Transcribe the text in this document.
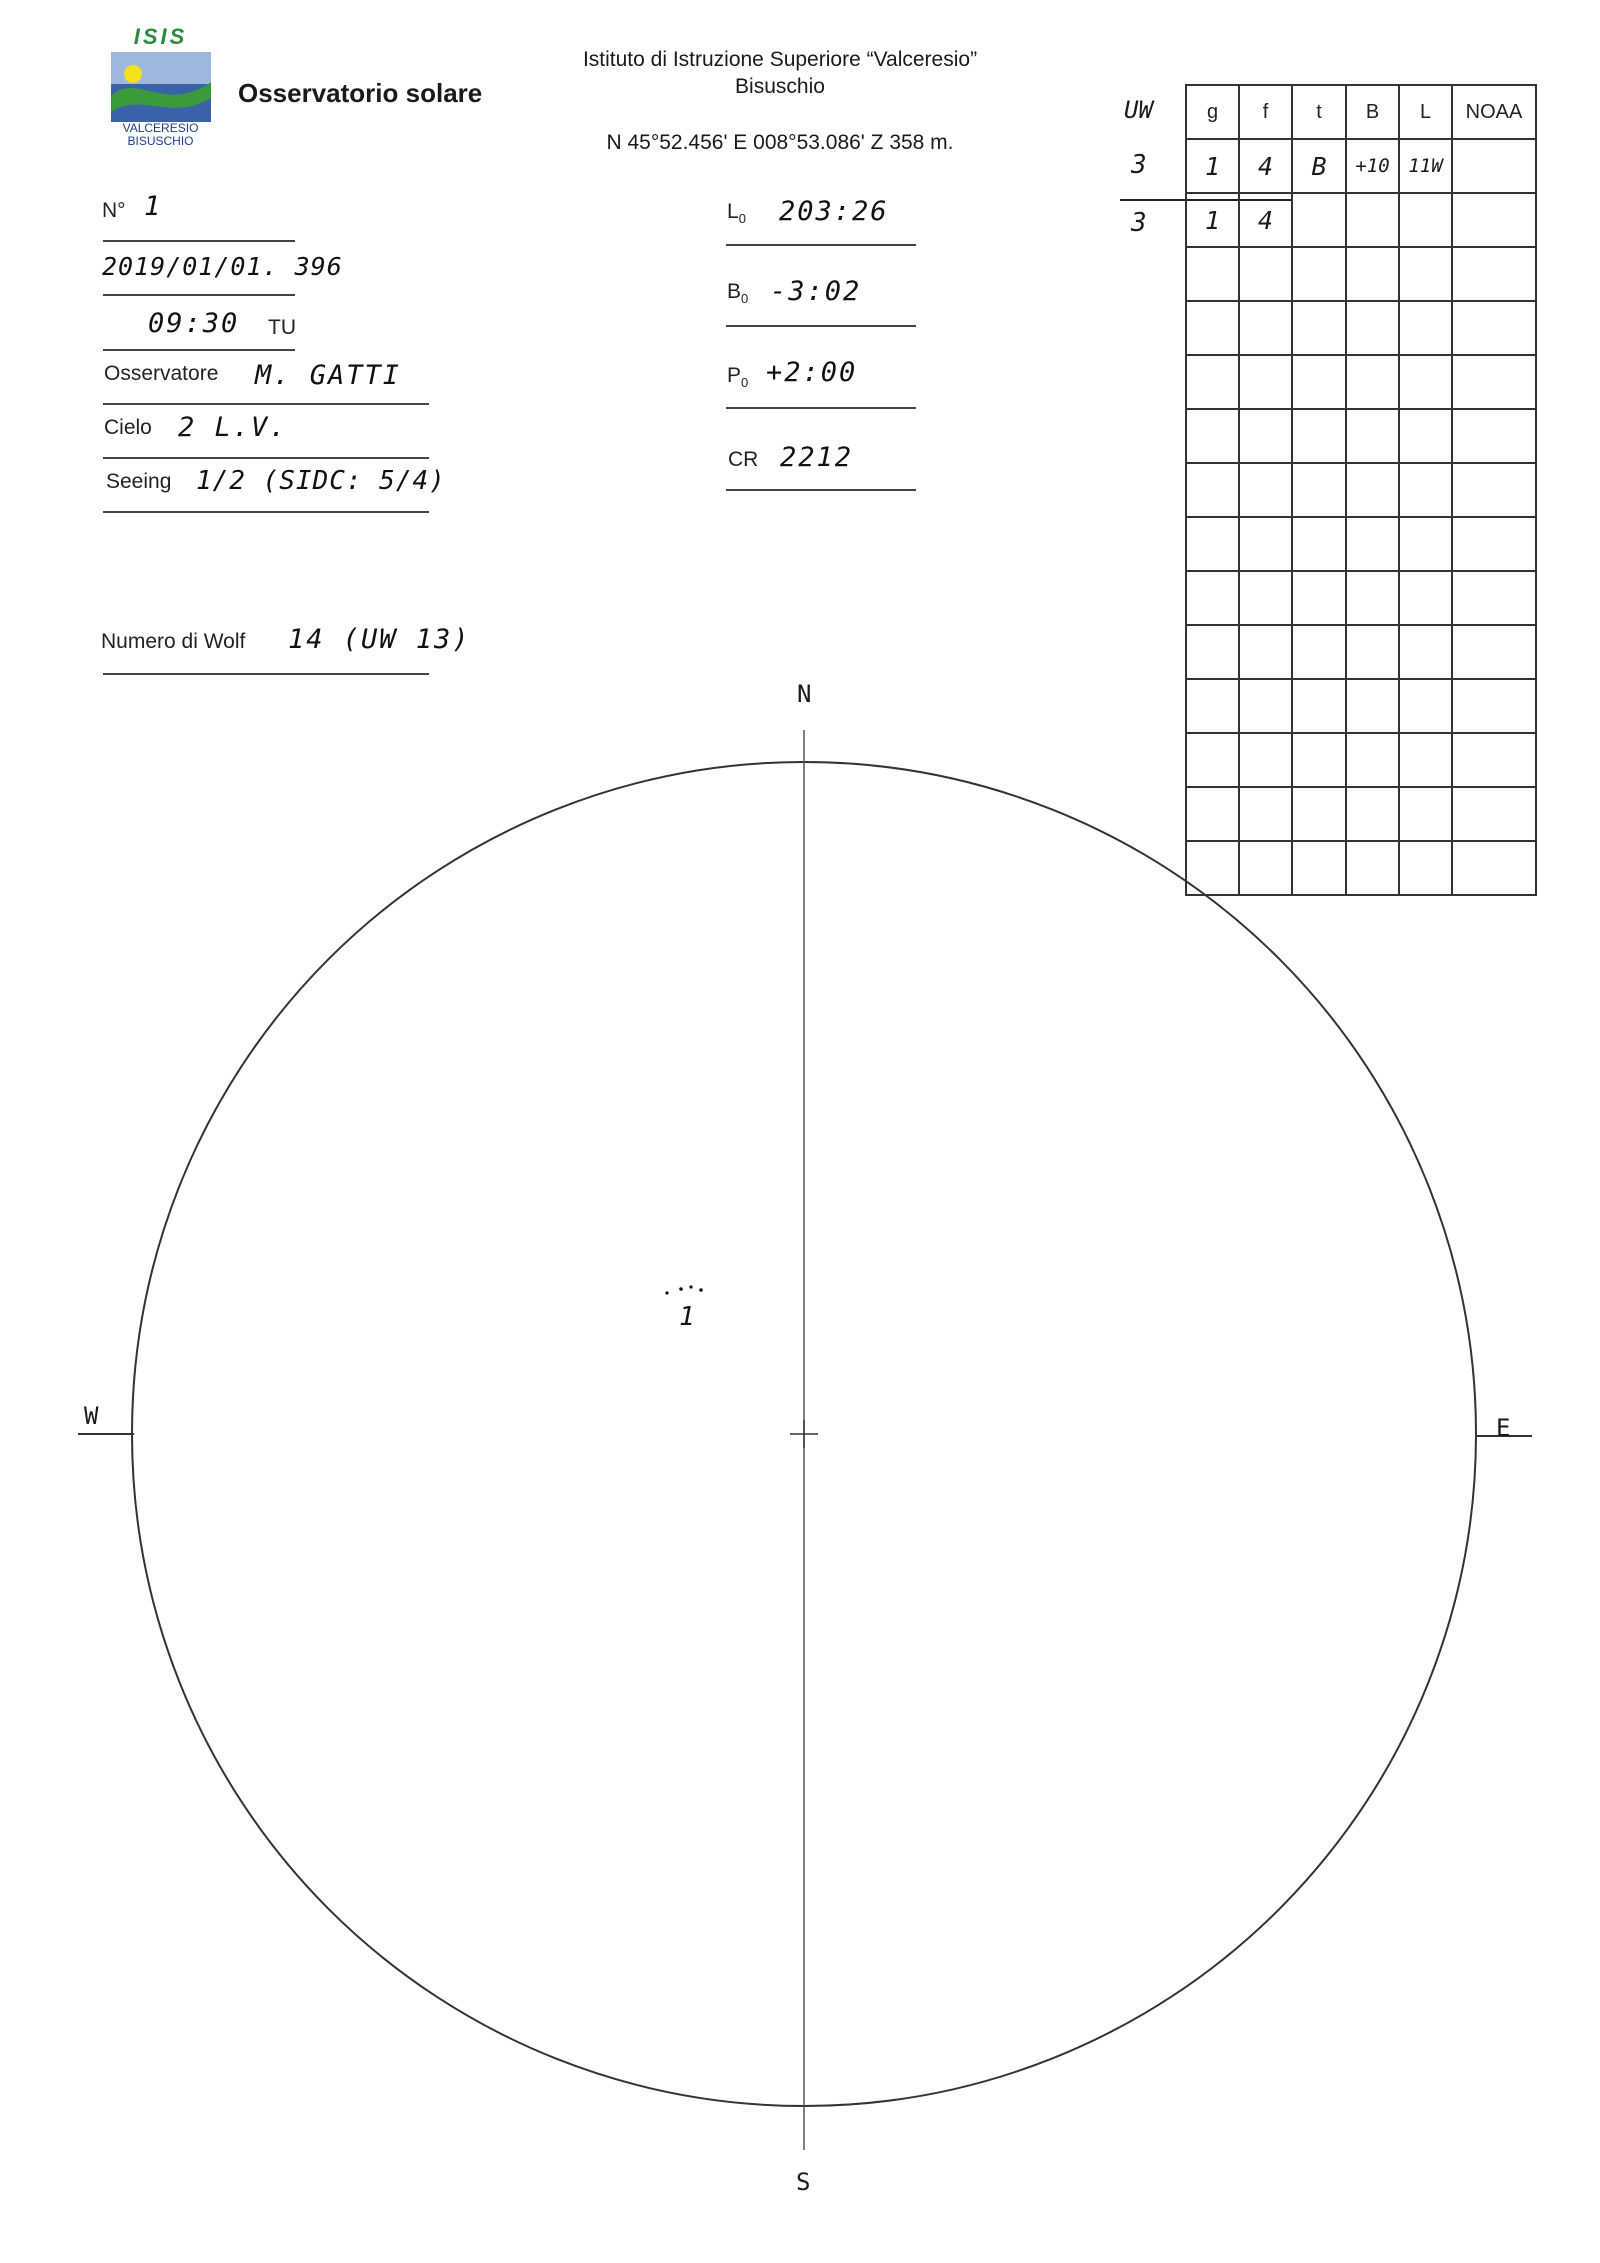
ISIS
VALCERESIO
BISUSCHIO
Osservatorio solare
Istituto di Istruzione Superiore “Valceresio”
Bisuschio
N 45°52.456' E 008°53.086' Z 358 m.
N° 1
2019/01/01. 396
09:30 TU
Osservatore M. GATTI
Cielo 2 L.V.
Seeing 1/2 (SIDC: 5/4)
Numero di Wolf 14 (UW 13)
$L_0$ 203:26
$B_0$ -3:02
$P_0$ +2:00
CR 2212
UW
3
3
g	f	t	B	L	NOAA
1	4	B	+10	11W	
1	4				

N
S
W	E
1
